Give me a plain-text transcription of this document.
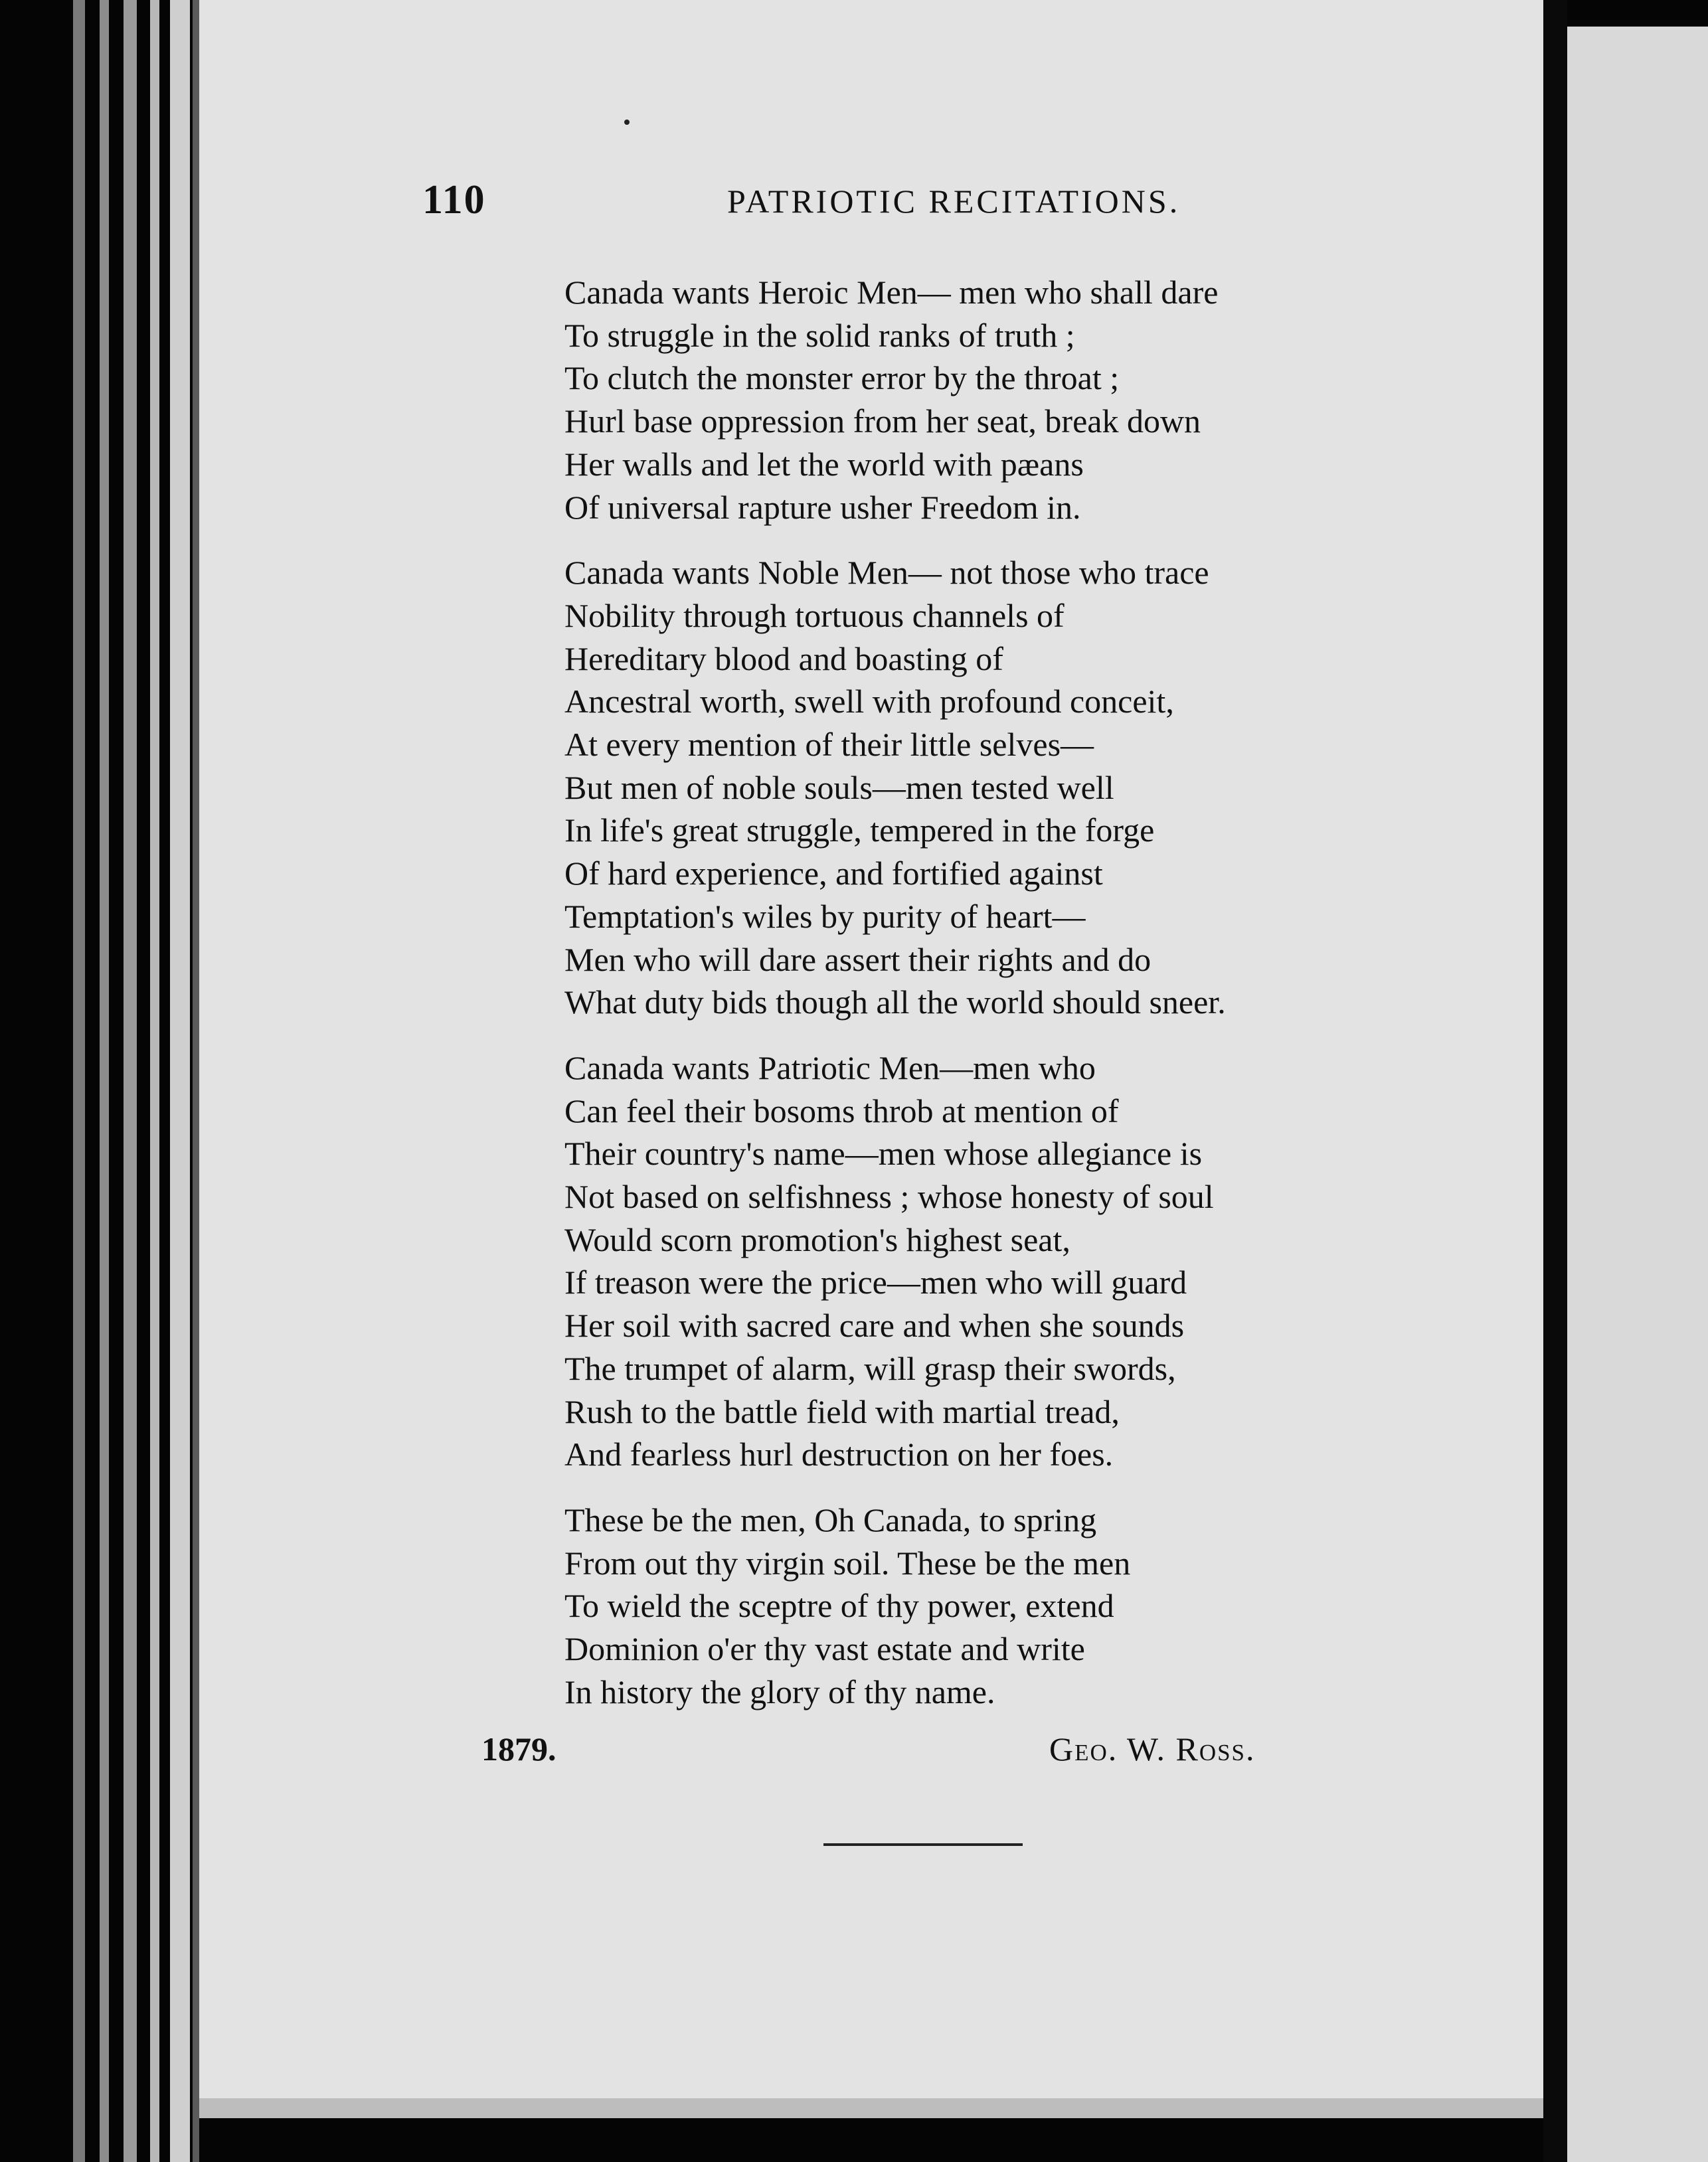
110	PATRIOTIC RECITATIONS.
Canada wants Heroic Men— men who shall dare
To struggle in the solid ranks of truth ;
To clutch the monster error by the throat ;
Hurl base oppression from her seat, break down
Her walls and let the world with pæans
Of universal rapture usher Freedom in.
Canada wants Noble Men— not those who trace
Nobility through tortuous channels of
Hereditary blood and boasting of
Ancestral worth, swell with profound conceit,
At every mention of their little selves—
But men of noble souls—men tested well
In life's great struggle, tempered in the forge
Of hard experience, and fortified against
Temptation's wiles by purity of heart—
Men who will dare assert their rights and do
What duty bids though all the world should sneer.
Canada wants Patriotic Men—men who
Can feel their bosoms throb at mention of
Their country's name—men whose allegiance is
Not based on selfishness ; whose honesty of soul
Would scorn promotion's highest seat,
If treason were the price—men who will guard
Her soil with sacred care and when she sounds
The trumpet of alarm, will grasp their swords,
Rush to the battle field with martial tread,
And fearless hurl destruction on her foes.
These be the men, Oh Canada, to spring
From out thy virgin soil. These be the men
To wield the sceptre of thy power, extend
Dominion o'er thy vast estate and write
In history the glory of thy name.
1879.	Geo. W. Ross.
